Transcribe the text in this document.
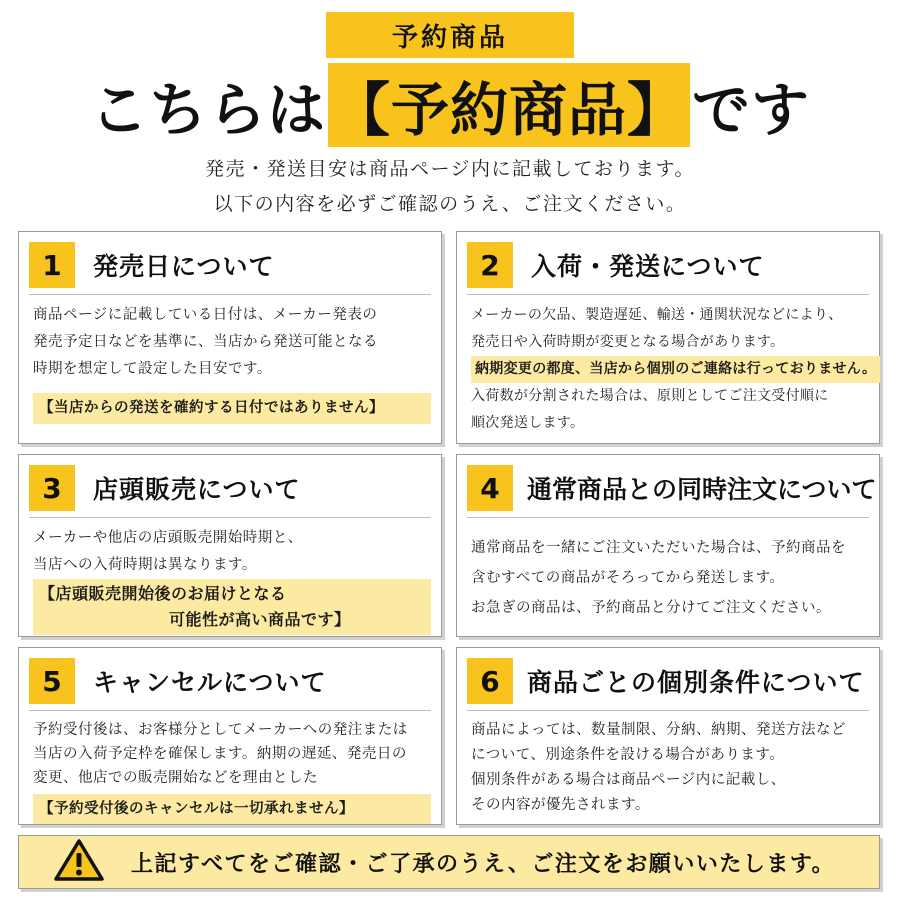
予約商品
こちらは 【予約商品】 です
発売・発送目安は商品ページ内に記載しております。
以下の内容を必ずご確認のうえ、ご注文ください。
1	発売日について
商品ページに記載している日付は、メーカー発表の
発売予定日などを基準に、当店から発送可能となる
時期を想定して設定した目安です。
【当店からの発送を確約する日付ではありません】
2	入荷・発送について
メーカーの欠品、製造遅延、輸送・通関状況などにより、
発売日や入荷時期が変更となる場合があります。
納期変更の都度、当店から個別のご連絡は行っておりません。
入荷数が分割された場合は、原則としてご注文受付順に
順次発送します。
3	店頭販売について
メーカーや他店の店頭販売開始時期と、
当店への入荷時期は異なります。
【店頭販売開始後のお届けとなる
可能性が高い商品です】
4	通常商品との同時注文について
通常商品を一緒にご注文いただいた場合は、予約商品を
含むすべての商品がそろってから発送します。
お急ぎの商品は、予約商品と分けてご注文ください。
5	キャンセルについて
予約受付後は、お客様分としてメーカーへの発注または
当店の入荷予定枠を確保します。納期の遅延、発売日の
変更、他店での販売開始などを理由とした
【予約受付後のキャンセルは一切承れません】
6	商品ごとの個別条件について
商品によっては、数量制限、分納、納期、発送方法など
について、別途条件を設ける場合があります。
個別条件がある場合は商品ページ内に記載し、
その内容が優先されます。
上記すべてをご確認・ご了承のうえ、ご注文をお願いいたします。
